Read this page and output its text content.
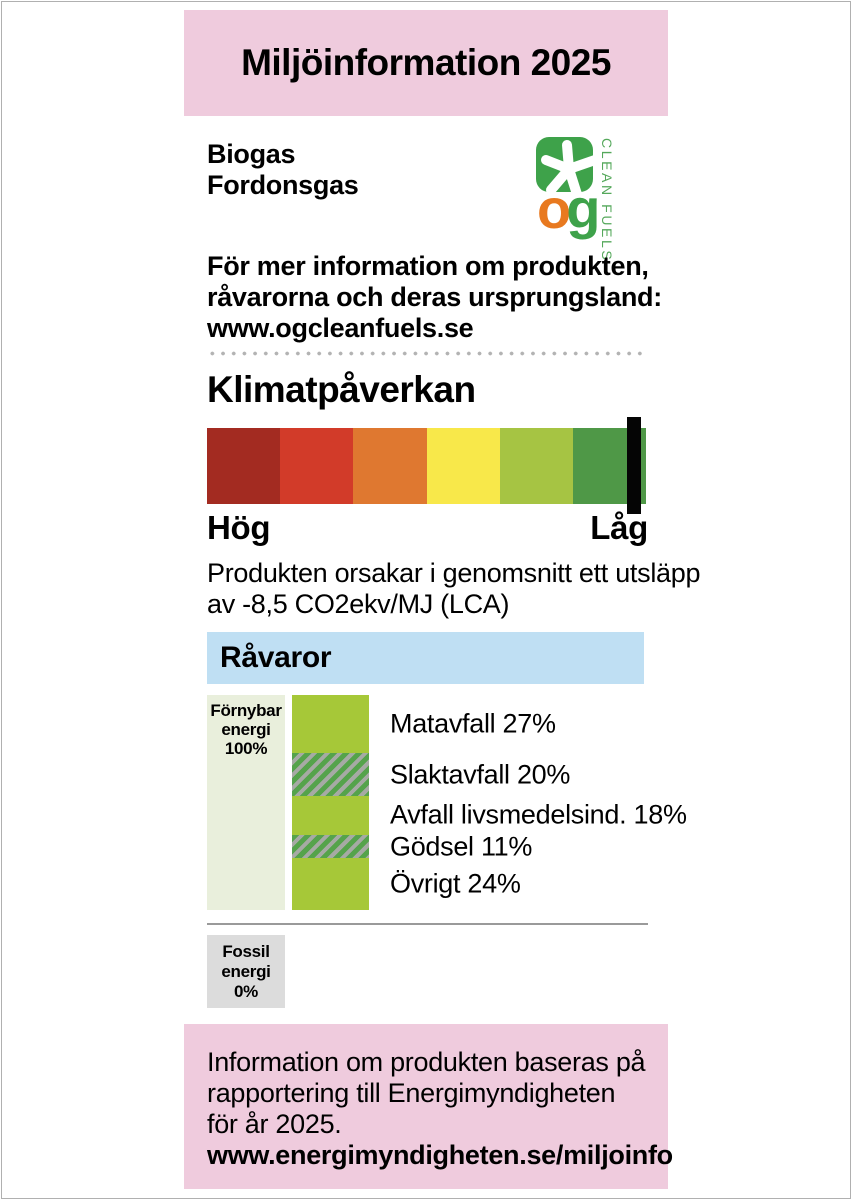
Miljöinformation 2025
Biogas
Fordonsgas	og CLEAN FUELS
För mer information om produkten,
råvarorna och deras ursprungsland:
www.ogcleanfuels.se
Klimatpåverkan
Hög	Låg
Produkten orsakar i genomsnitt ett utsläpp
av -8,5 CO2ekv/MJ (LCA)
Råvaror
Förnybar
energi
100%
Matavfall 27%
Slaktavfall 20%
Avfall livsmedelsind. 18%
Gödsel 11%
Övrigt 24%
Fossil
energi
0%
Information om produkten baseras på
rapportering till Energimyndigheten
för år 2025.
www.energimyndigheten.se/miljoinfo
